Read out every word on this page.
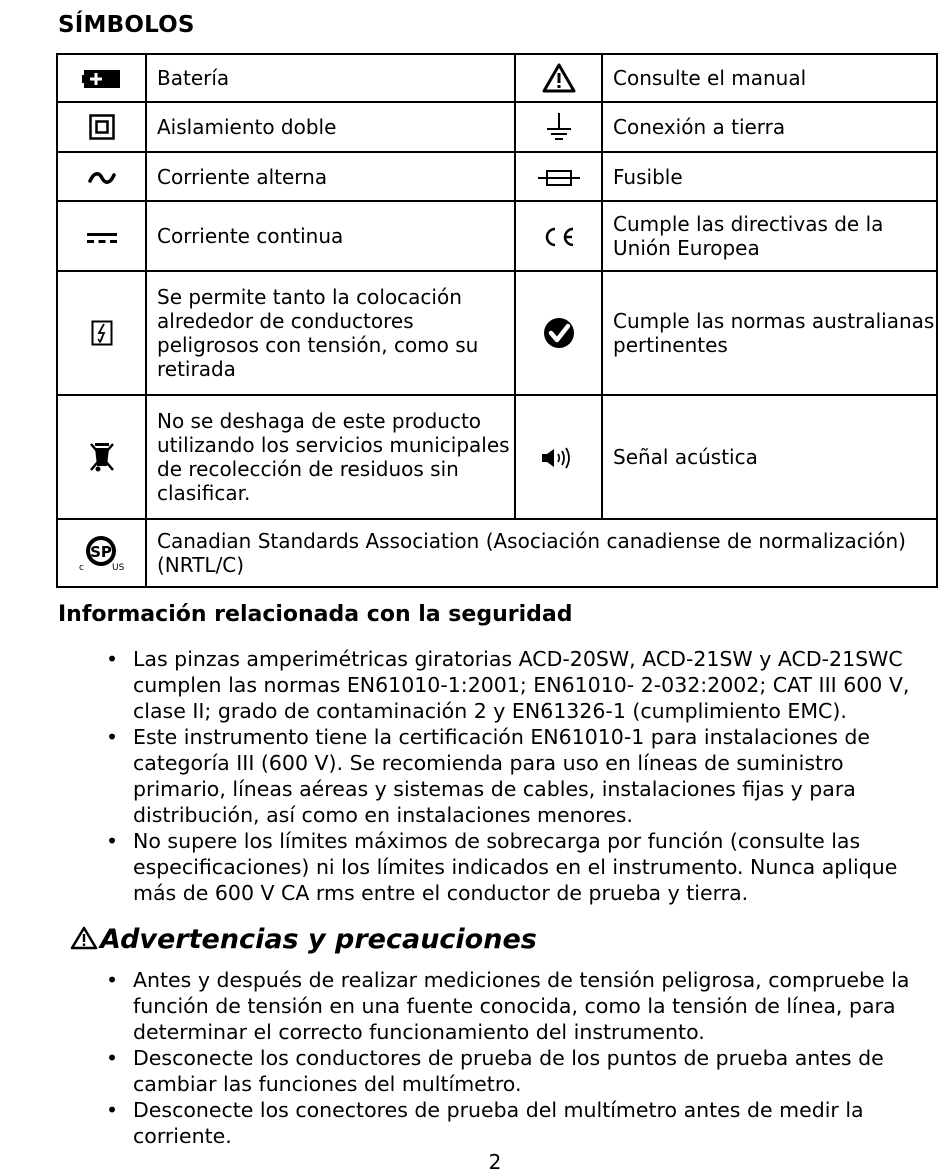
SÍMBOLOS
	Batería		Consulte el manual
	Aislamiento doble		Conexión a tierra
	Corriente alterna		Fusible
	Corriente continua		Cumple las directivas de la Unión Europea
	Se permite tanto la colocación alrededor de conductores peligrosos con tensión, como su retirada		Cumple las normas australianas pertinentes
	No se deshaga de este producto utilizando los servicios municipales de recolección de residuos sin clasificar.		Señal acústica

SP
c US	Canadian Standards Association (Asociación canadiense de normalización) (NRTL/C)		
Información relacionada con la seguridad
• Las pinzas amperimétricas giratorias ACD-20SW, ACD-21SW y ACD-21SWC cumplen las normas EN61010-1:2001; EN61010- 2-032:2002; CAT III 600 V, clase II; grado de contaminación 2 y EN61326-1 (cumplimiento EMC).
• Este instrumento tiene la certificación EN61010-1 para instalaciones de categoría III (600 V). Se recomienda para uso en líneas de suministro primario, líneas aéreas y sistemas de cables, instalaciones fijas y para distribución, así como en instalaciones menores.
• No supere los límites máximos de sobrecarga por función (consulte las especificaciones) ni los límites indicados en el instrumento. Nunca aplique más de 600 V CA rms entre el conductor de prueba y tierra.
Advertencias y precauciones
• Antes y después de realizar mediciones de tensión peligrosa, compruebe la función de tensión en una fuente conocida, como la tensión de línea, para determinar el correcto funcionamiento del instrumento.
• Desconecte los conductores de prueba de los puntos de prueba antes de cambiar las funciones del multímetro.
• Desconecte los conectores de prueba del multímetro antes de medir la corriente.
2
